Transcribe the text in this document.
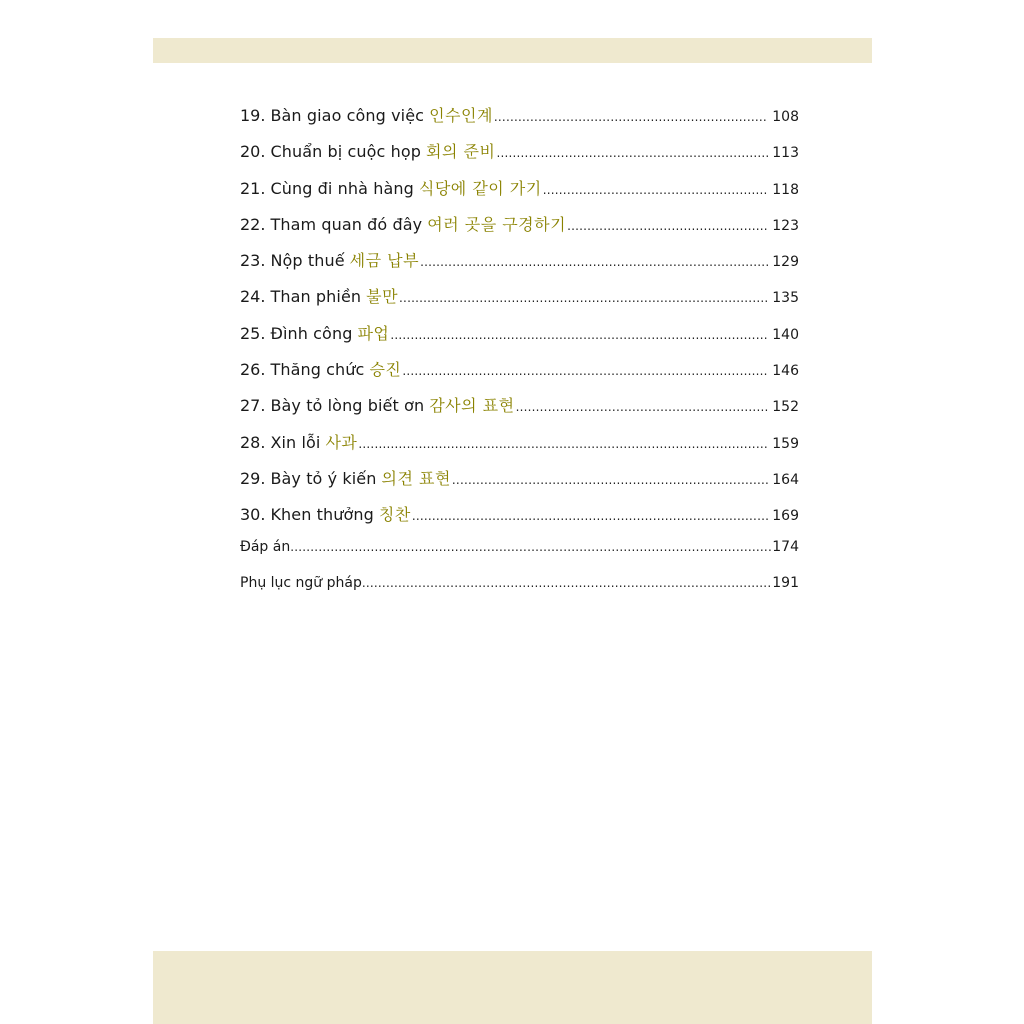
19. Bàn giao công việc 인수인계 .....	108
20. Chuẩn bị cuộc họp 회의 준비 .....	113
21. Cùng đi nhà hàng 식당에 같이 가기 .....	118
22. Tham quan đó đây 여러 곳을 구경하기 .....	123
23. Nộp thuế 세금 납부 .....	129
24. Than phiền 불만 .....	135
25. Đình công 파업 .....	140
26. Thăng chức 승진 .....	146
27. Bày tỏ lòng biết ơn 감사의 표현 .....	152
28. Xin lỗi 사과 .....	159
29. Bày tỏ ý kiến 의견 표현 .....	164
30. Khen thưởng 칭찬 .....	169
Đáp án .....	174
Phụ lục ngữ pháp .....	191
